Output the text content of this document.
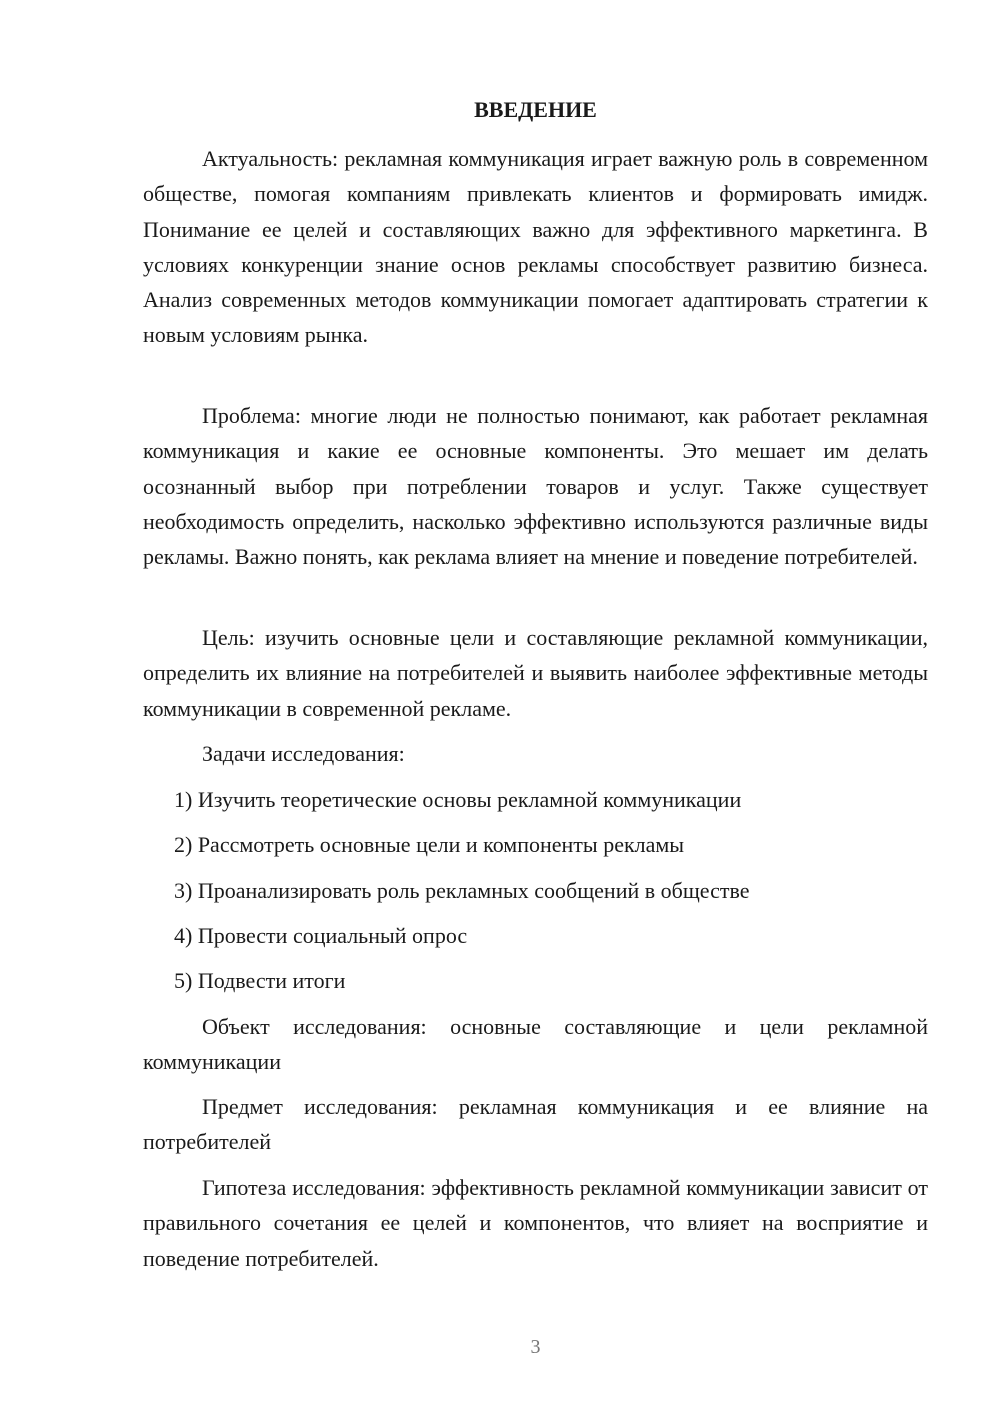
ВВЕДЕНИЕ

Актуальность: рекламная коммуникация играет важную роль в современном обществе, помогая компаниям привлекать клиентов и формировать имидж. Понимание ее целей и составляющих важно для эффективного маркетинга. В условиях конкуренции знание основ рекламы способствует развитию бизнеса. Анализ современных методов коммуникации помогает адаптировать стратегии к новым условиям рынка.

Проблема: многие люди не полностью понимают, как работает рекламная коммуникация и какие ее основные компоненты. Это мешает им делать осознанный выбор при потреблении товаров и услуг. Также существует необходимость определить, насколько эффективно используются различные виды рекламы. Важно понять, как реклама влияет на мнение и поведение потребителей.

Цель: изучить основные цели и составляющие рекламной коммуникации, определить их влияние на потребителей и выявить наиболее эффективные методы коммуникации в современной рекламе.

Задачи исследования:

1) Изучить теоретические основы рекламной коммуникации

2) Рассмотреть основные цели и компоненты рекламы

3) Проанализировать роль рекламных сообщений в обществе

4) Провести социальный опрос

5) Подвести итоги

Объект исследования: основные составляющие и цели рекламной коммуникации

Предмет исследования: рекламная коммуникация и ее влияние на потребителей

Гипотеза исследования: эффективность рекламной коммуникации зависит от правильного сочетания ее целей и компонентов, что влияет на восприятие и поведение потребителей.

3
